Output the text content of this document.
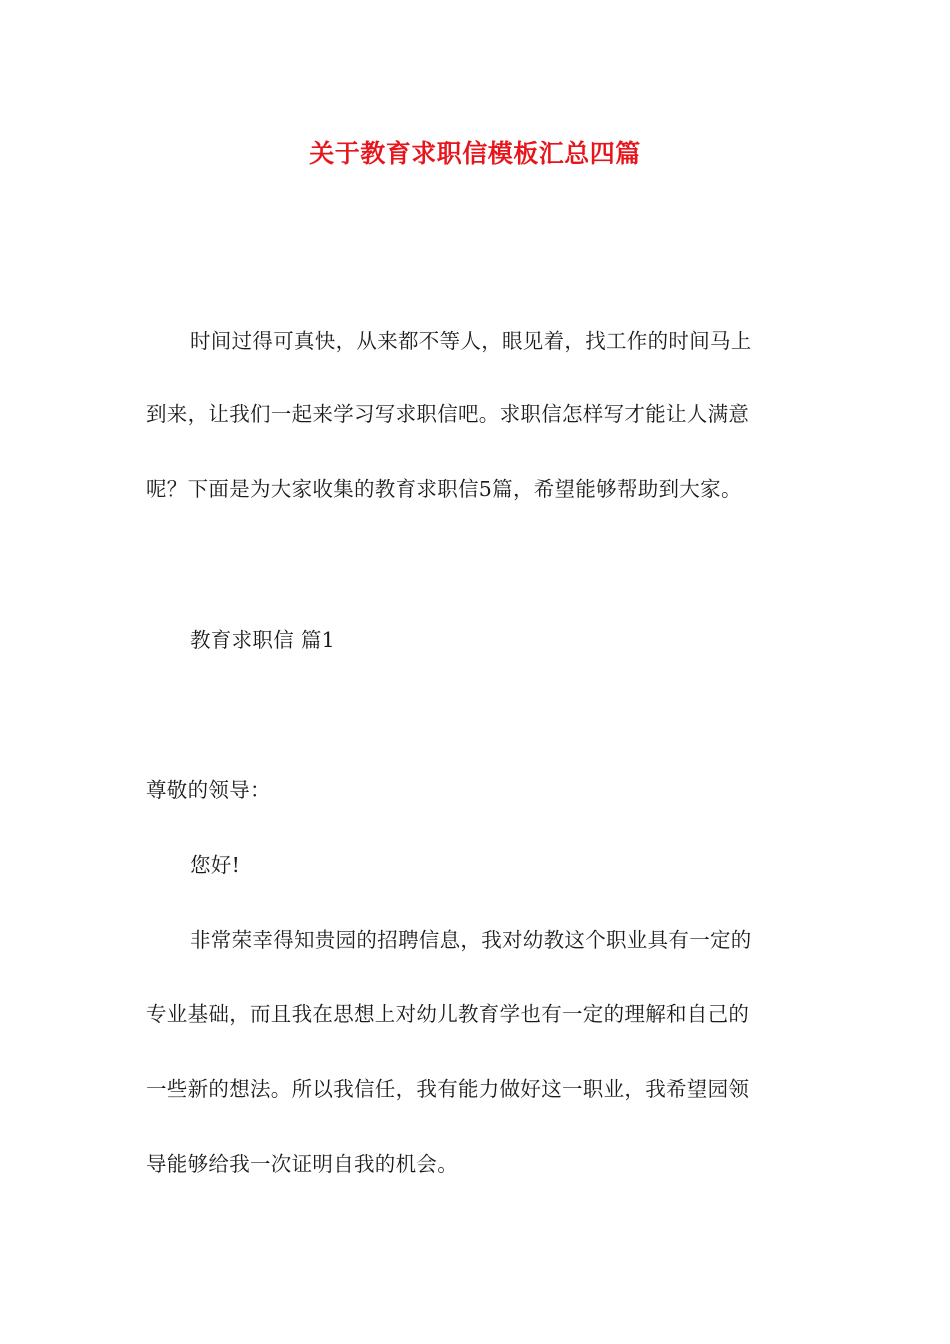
关于教育求职信模板汇总四篇
时间过得可真快，从来都不等人，眼见着，找工作的时间马上
到来，让我们一起来学习写求职信吧。求职信怎样写才能让人满意
呢？下面是为大家收集的教育求职信5篇，希望能够帮助到大家。
教育求职信 篇1
尊敬的领导：
您好!
非常荣幸得知贵园的招聘信息，我对幼教这个职业具有一定的
专业基础，而且我在思想上对幼儿教育学也有一定的理解和自己的
一些新的想法。所以我信任，我有能力做好这一职业，我希望园领
导能够给我一次证明自我的机会。
